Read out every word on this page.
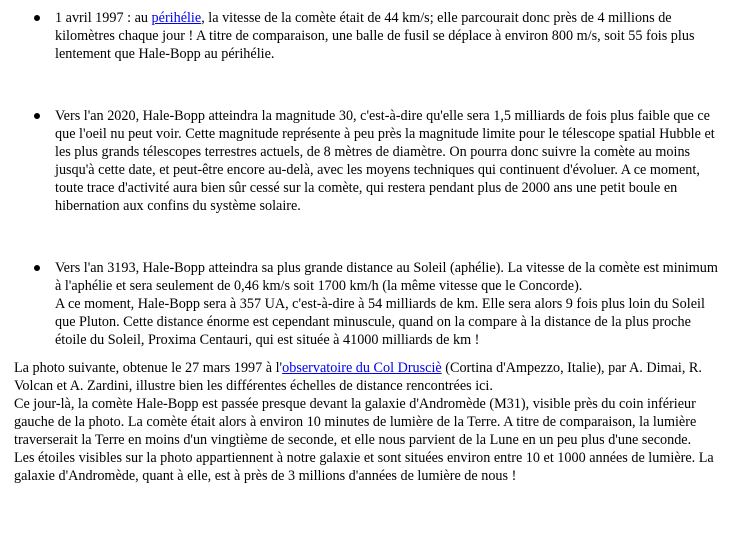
1 avril 1997 : au périhélie, la vitesse de la comète était de 44 km/s; elle parcourait donc près de 4 millions de kilomètres chaque jour ! A titre de comparaison, une balle de fusil se déplace à environ 800 m/s, soit 55 fois plus lentement que Hale-Bopp au périhélie.

Vers l'an 2020, Hale-Bopp atteindra la magnitude 30, c'est-à-dire qu'elle sera 1,5 milliards de fois plus faible que ce que l'oeil nu peut voir. Cette magnitude représente à peu près la magnitude limite pour le télescope spatial Hubble et les plus grands télescopes terrestres actuels, de 8 mètres de diamètre. On pourra donc suivre la comète au moins jusqu'à cette date, et peut-être encore au-delà, avec les moyens techniques qui continuent d'évoluer. A ce moment, toute trace d'activité aura bien sûr cessé sur la comète, qui restera pendant plus de 2000 ans une petit boule en hibernation aux confins du système solaire.

Vers l'an 3193, Hale-Bopp atteindra sa plus grande distance au Soleil (aphélie). La vitesse de la comète est minimum à l'aphélie et sera seulement de 0,46 km/s soit 1700 km/h (la même vitesse que le Concorde).

A ce moment, Hale-Bopp sera à 357 UA, c'est-à-dire à 54 milliards de km. Elle sera alors 9 fois plus loin du Soleil que Pluton. Cette distance énorme est cependant minuscule, quand on la compare à la distance de la plus proche étoile du Soleil, Proxima Centauri, qui est située à 41000 milliards de km !

La photo suivante, obtenue le 27 mars 1997 à l'observatoire du Col Drusciè (Cortina d'Ampezzo, Italie), par A. Dimai, R. Volcan et A. Zardini, illustre bien les différentes échelles de distance rencontrées ici.

Ce jour-là, la comète Hale-Bopp est passée presque devant la galaxie d'Andromède (M31), visible près du coin inférieur gauche de la photo. La comète était alors à environ 10 minutes de lumière de la Terre. A titre de comparaison, la lumière traverserait la Terre en moins d'un vingtième de seconde, et elle nous parvient de la Lune en un peu plus d'une seconde.

Les étoiles visibles sur la photo appartiennent à notre galaxie et sont situées environ entre 10 et 1000 années de lumière. La galaxie d'Andromède, quant à elle, est à près de 3 millions d'années de lumière de nous !
